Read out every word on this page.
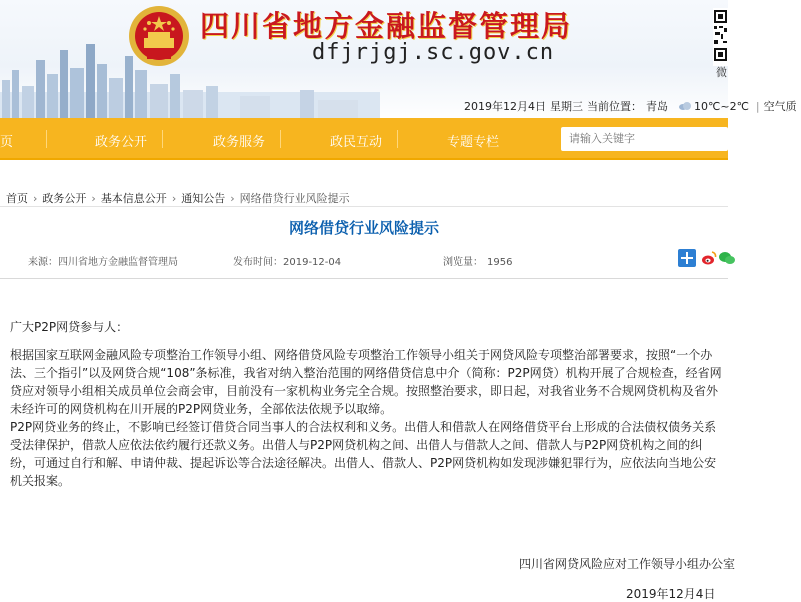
四川省地方金融监督管理局
dfjrjgj.sc.gov.cn
微
2019年12月4日 星期三 当前位置： 青岛 10℃~2℃ | 空气质
页	政务公开	政务服务	政民互动	专题专栏
请输入关键字
首页 › 政务公开 › 基本信息公开 › 通知公告 › 网络借贷行业风险提示
网络借贷行业风险提示
来源：四川省地方金融监督管理局	发布时间：2019-12-04	浏览量： 1956
广大P2P网贷参与人：
根据国家互联网金融风险专项整治工作领导小组、网络借贷风险专项整治工作领导小组关于网贷风险专项整治部署要求，按照“一个办法、三个指引”以及网贷合规“108”条标准，我省对纳入整治范围的网络借贷信息中介（简称：P2P网贷）机构开展了合规检查，经省网贷应对领导小组相关成员单位会商会审，目前没有一家机构业务完全合规。按照整治要求，即日起，对我省业务不合规网贷机构及省外未经许可的网贷机构在川开展的P2P网贷业务，全部依法依规予以取缔。
P2P网贷业务的终止，不影响已经签订借贷合同当事人的合法权利和义务。出借人和借款人在网络借贷平台上形成的合法债权债务关系受法律保护，借款人应依法依约履行还款义务。出借人与P2P网贷机构之间、出借人与借款人之间、借款人与P2P网贷机构之间的纠纷，可通过自行和解、申请仲裁、提起诉讼等合法途径解决。出借人、借款人、P2P网贷机构如发现涉嫌犯罪行为，应依法向当地公安机关报案。
四川省网贷风险应对工作领导小组办公室
2019年12月4日
